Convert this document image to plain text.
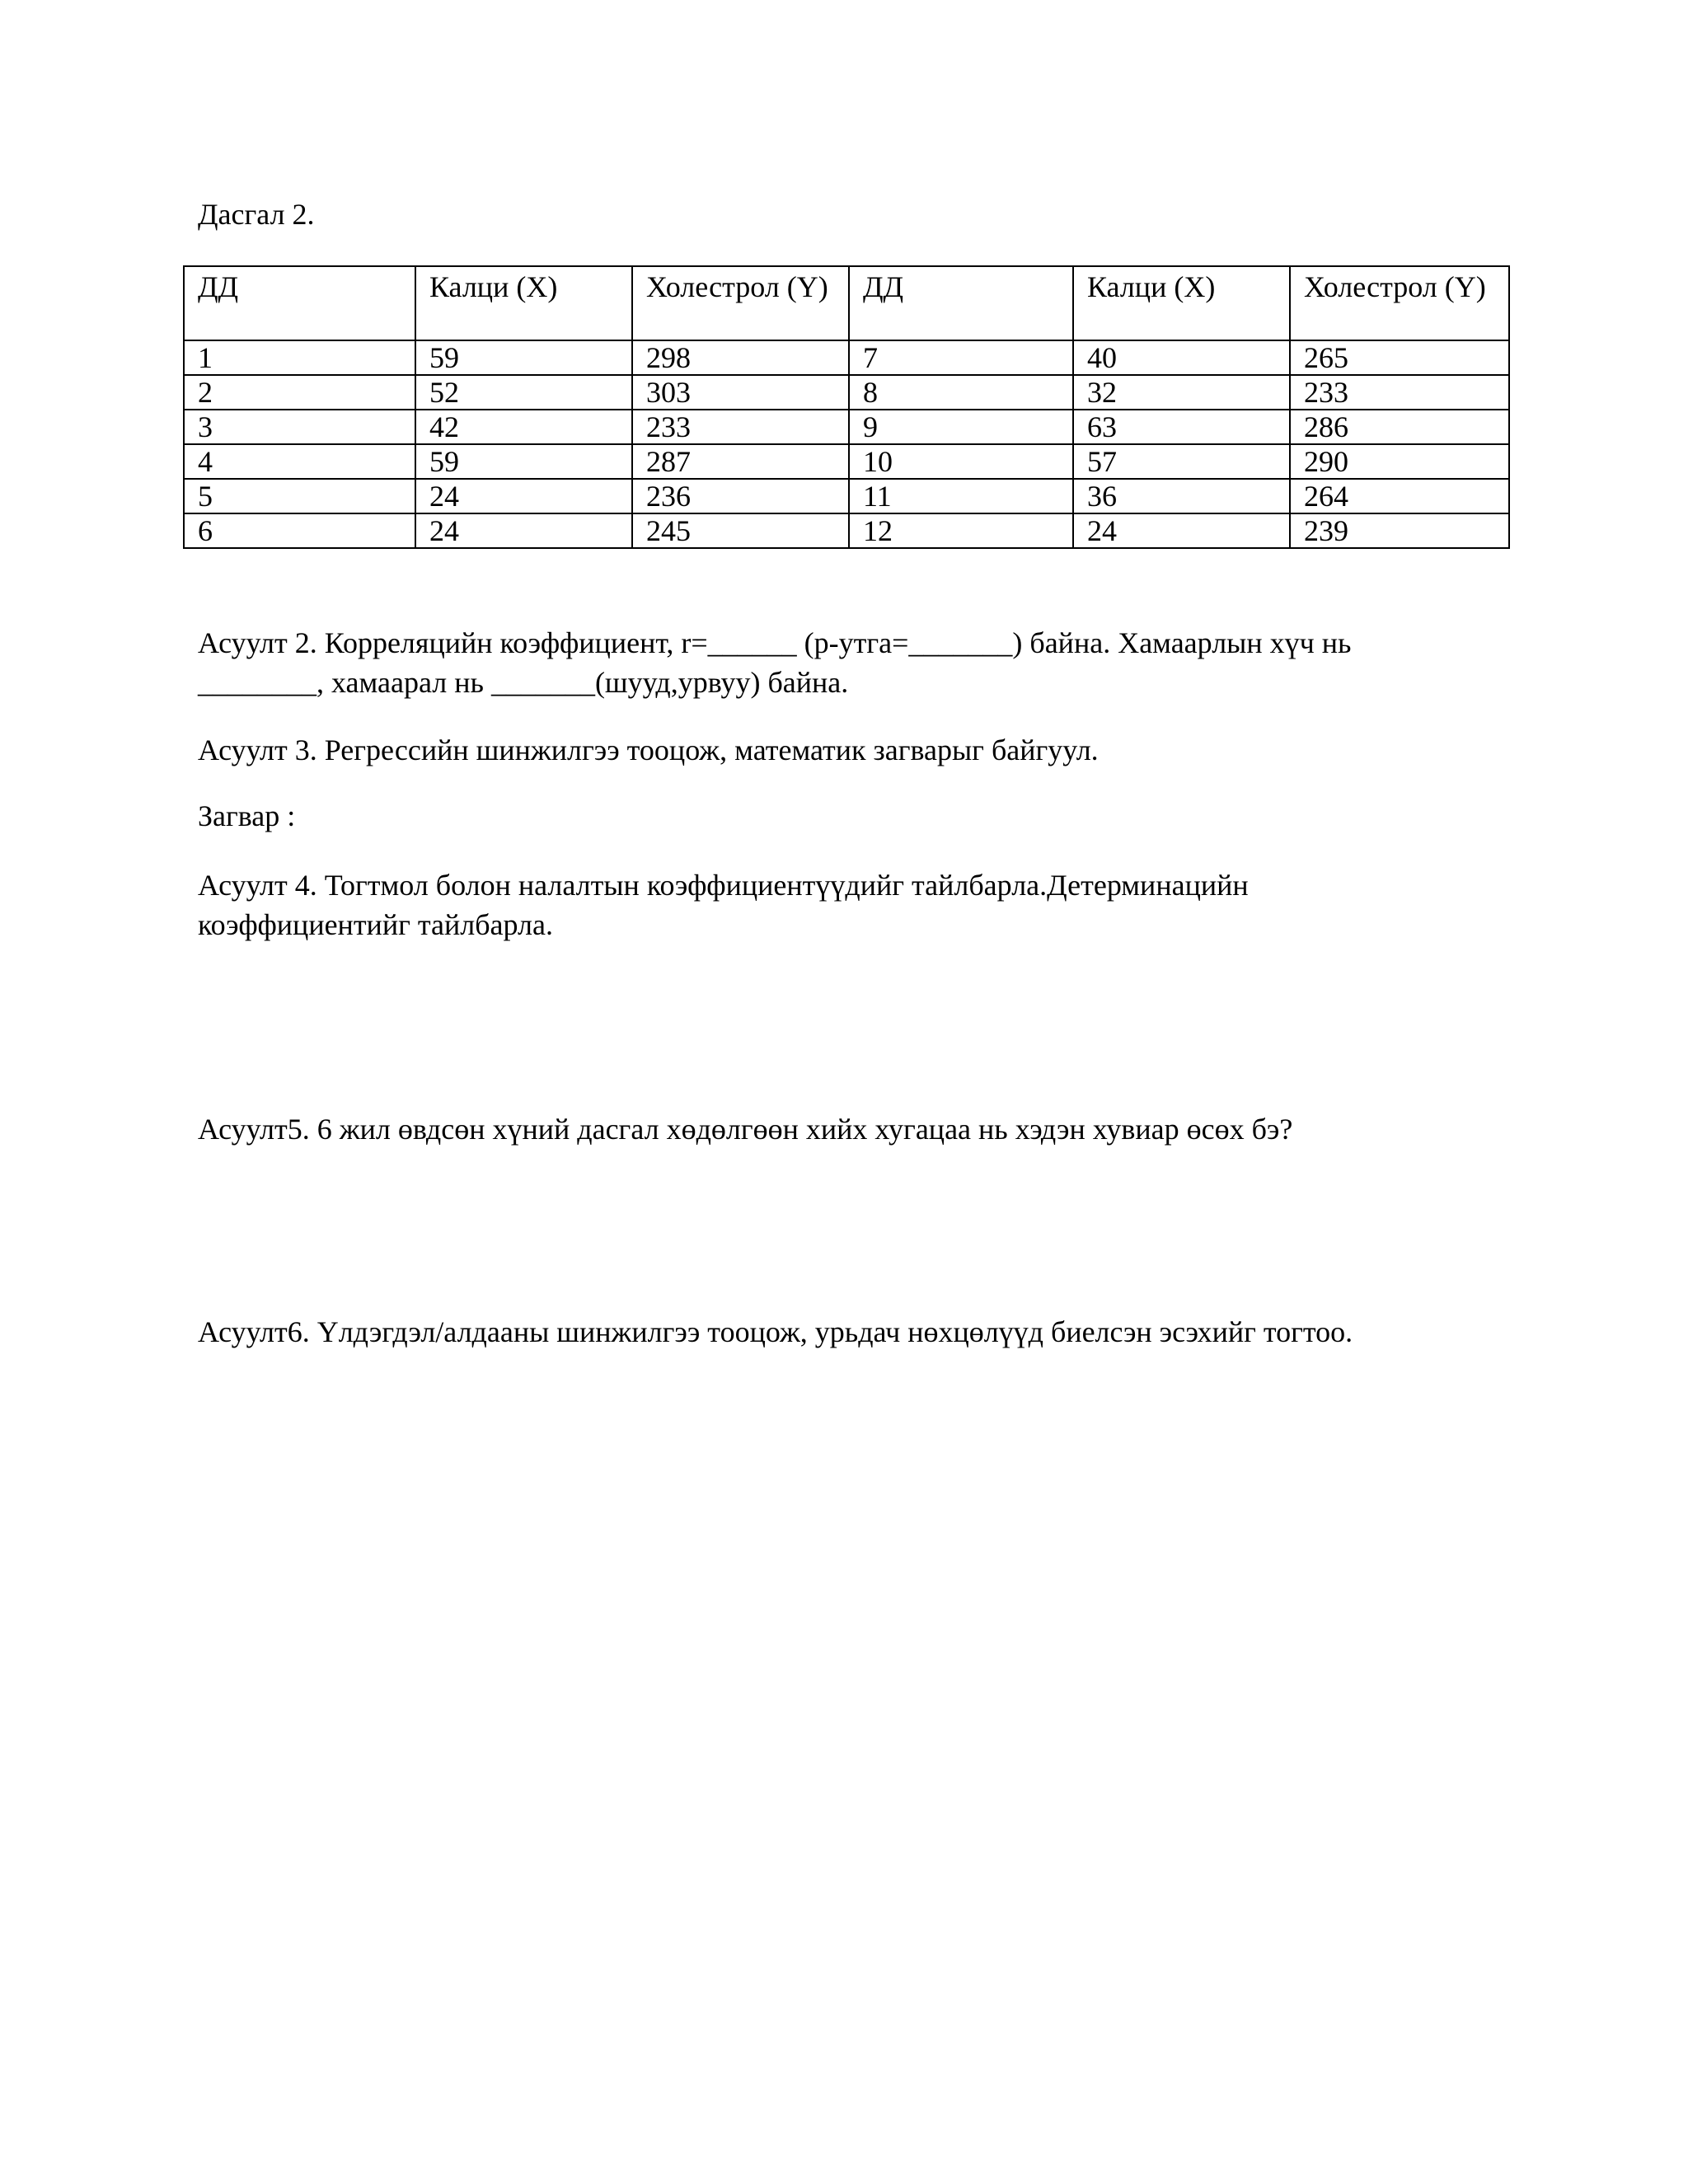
Дасгал 2.
ДД	Калци (X)	Холестрол (Y)	ДД	Калци (X)	Холестрол (Y)
1	59	298	7	40	265
2	52	303	8	32	233
3	42	233	9	63	286
4	59	287	10	57	290
5	24	236	11	36	264
6	24	245	12	24	239
Асуулт 2. Корреляцийн коэффициент, r=______ (p-утга=_______) байна. Хамаарлын хүч нь ________, хамаарал нь _______(шууд,урвуу) байна.
Асуулт 3. Регрессийн шинжилгээ тооцож, математик загварыг байгуул.
Загвар :
Асуулт 4. Тогтмол болон налалтын коэффициентүүдийг тайлбарла.Детерминацийн коэффициентийг тайлбарла.
Асуулт5. 6 жил өвдсөн хүний дасгал хөдөлгөөн хийх хугацаа нь хэдэн хувиар өсөх бэ?
Асуулт6. Үлдэгдэл/алдааны шинжилгээ тооцож, урьдач нөхцөлүүд биелсэн эсэхийг тогтоо.
